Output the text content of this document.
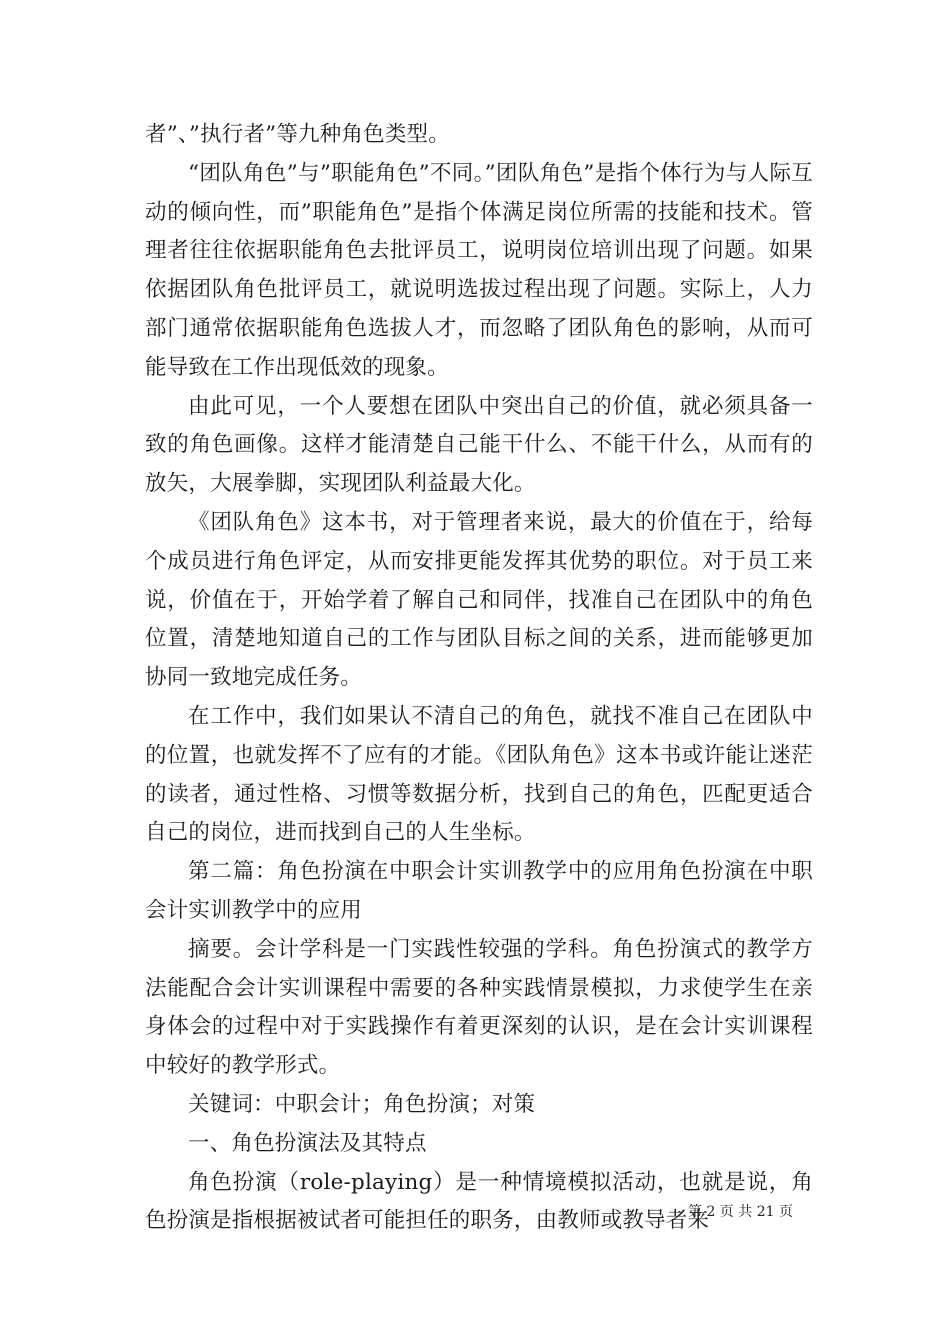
者”、”执行者”等九种角色类型。

“团队角色”与”职能角色”不同。”团队角色”是指个体行为与人际互动的倾向性，而”职能角色”是指个体满足岗位所需的技能和技术。管理者往往依据职能角色去批评员工，说明岗位培训出现了问题。如果依据团队角色批评员工，就说明选拔过程出现了问题。实际上，人力部门通常依据职能角色选拔人才，而忽略了团队角色的影响，从而可能导致在工作出现低效的现象。

由此可见，一个人要想在团队中突出自己的价值，就必须具备一致的角色画像。这样才能清楚自己能干什么、不能干什么，从而有的放矢，大展拳脚，实现团队利益最大化。

《团队角色》这本书，对于管理者来说，最大的价值在于，给每个成员进行角色评定，从而安排更能发挥其优势的职位。对于员工来说，价值在于，开始学着了解自己和同伴，找准自己在团队中的角色位置，清楚地知道自己的工作与团队目标之间的关系，进而能够更加协同一致地完成任务。

在工作中，我们如果认不清自己的角色，就找不准自己在团队中的位置，也就发挥不了应有的才能。《团队角色》这本书或许能让迷茫的读者，通过性格、习惯等数据分析，找到自己的角色，匹配更适合自己的岗位，进而找到自己的人生坐标。

第二篇：角色扮演在中职会计实训教学中的应用角色扮演在中职会计实训教学中的应用

摘要。会计学科是一门实践性较强的学科。角色扮演式的教学方法能配合会计实训课程中需要的各种实践情景模拟，力求使学生在亲身体会的过程中对于实践操作有着更深刻的认识，是在会计实训课程中较好的教学形式。

关键词：中职会计；角色扮演；对策

一、角色扮演法及其特点

角色扮演（role-playing）是一种情境模拟活动，也就是说，角色扮演是指根据被试者可能担任的职务，由教师或教导者来

第 2 页 共 21 页
